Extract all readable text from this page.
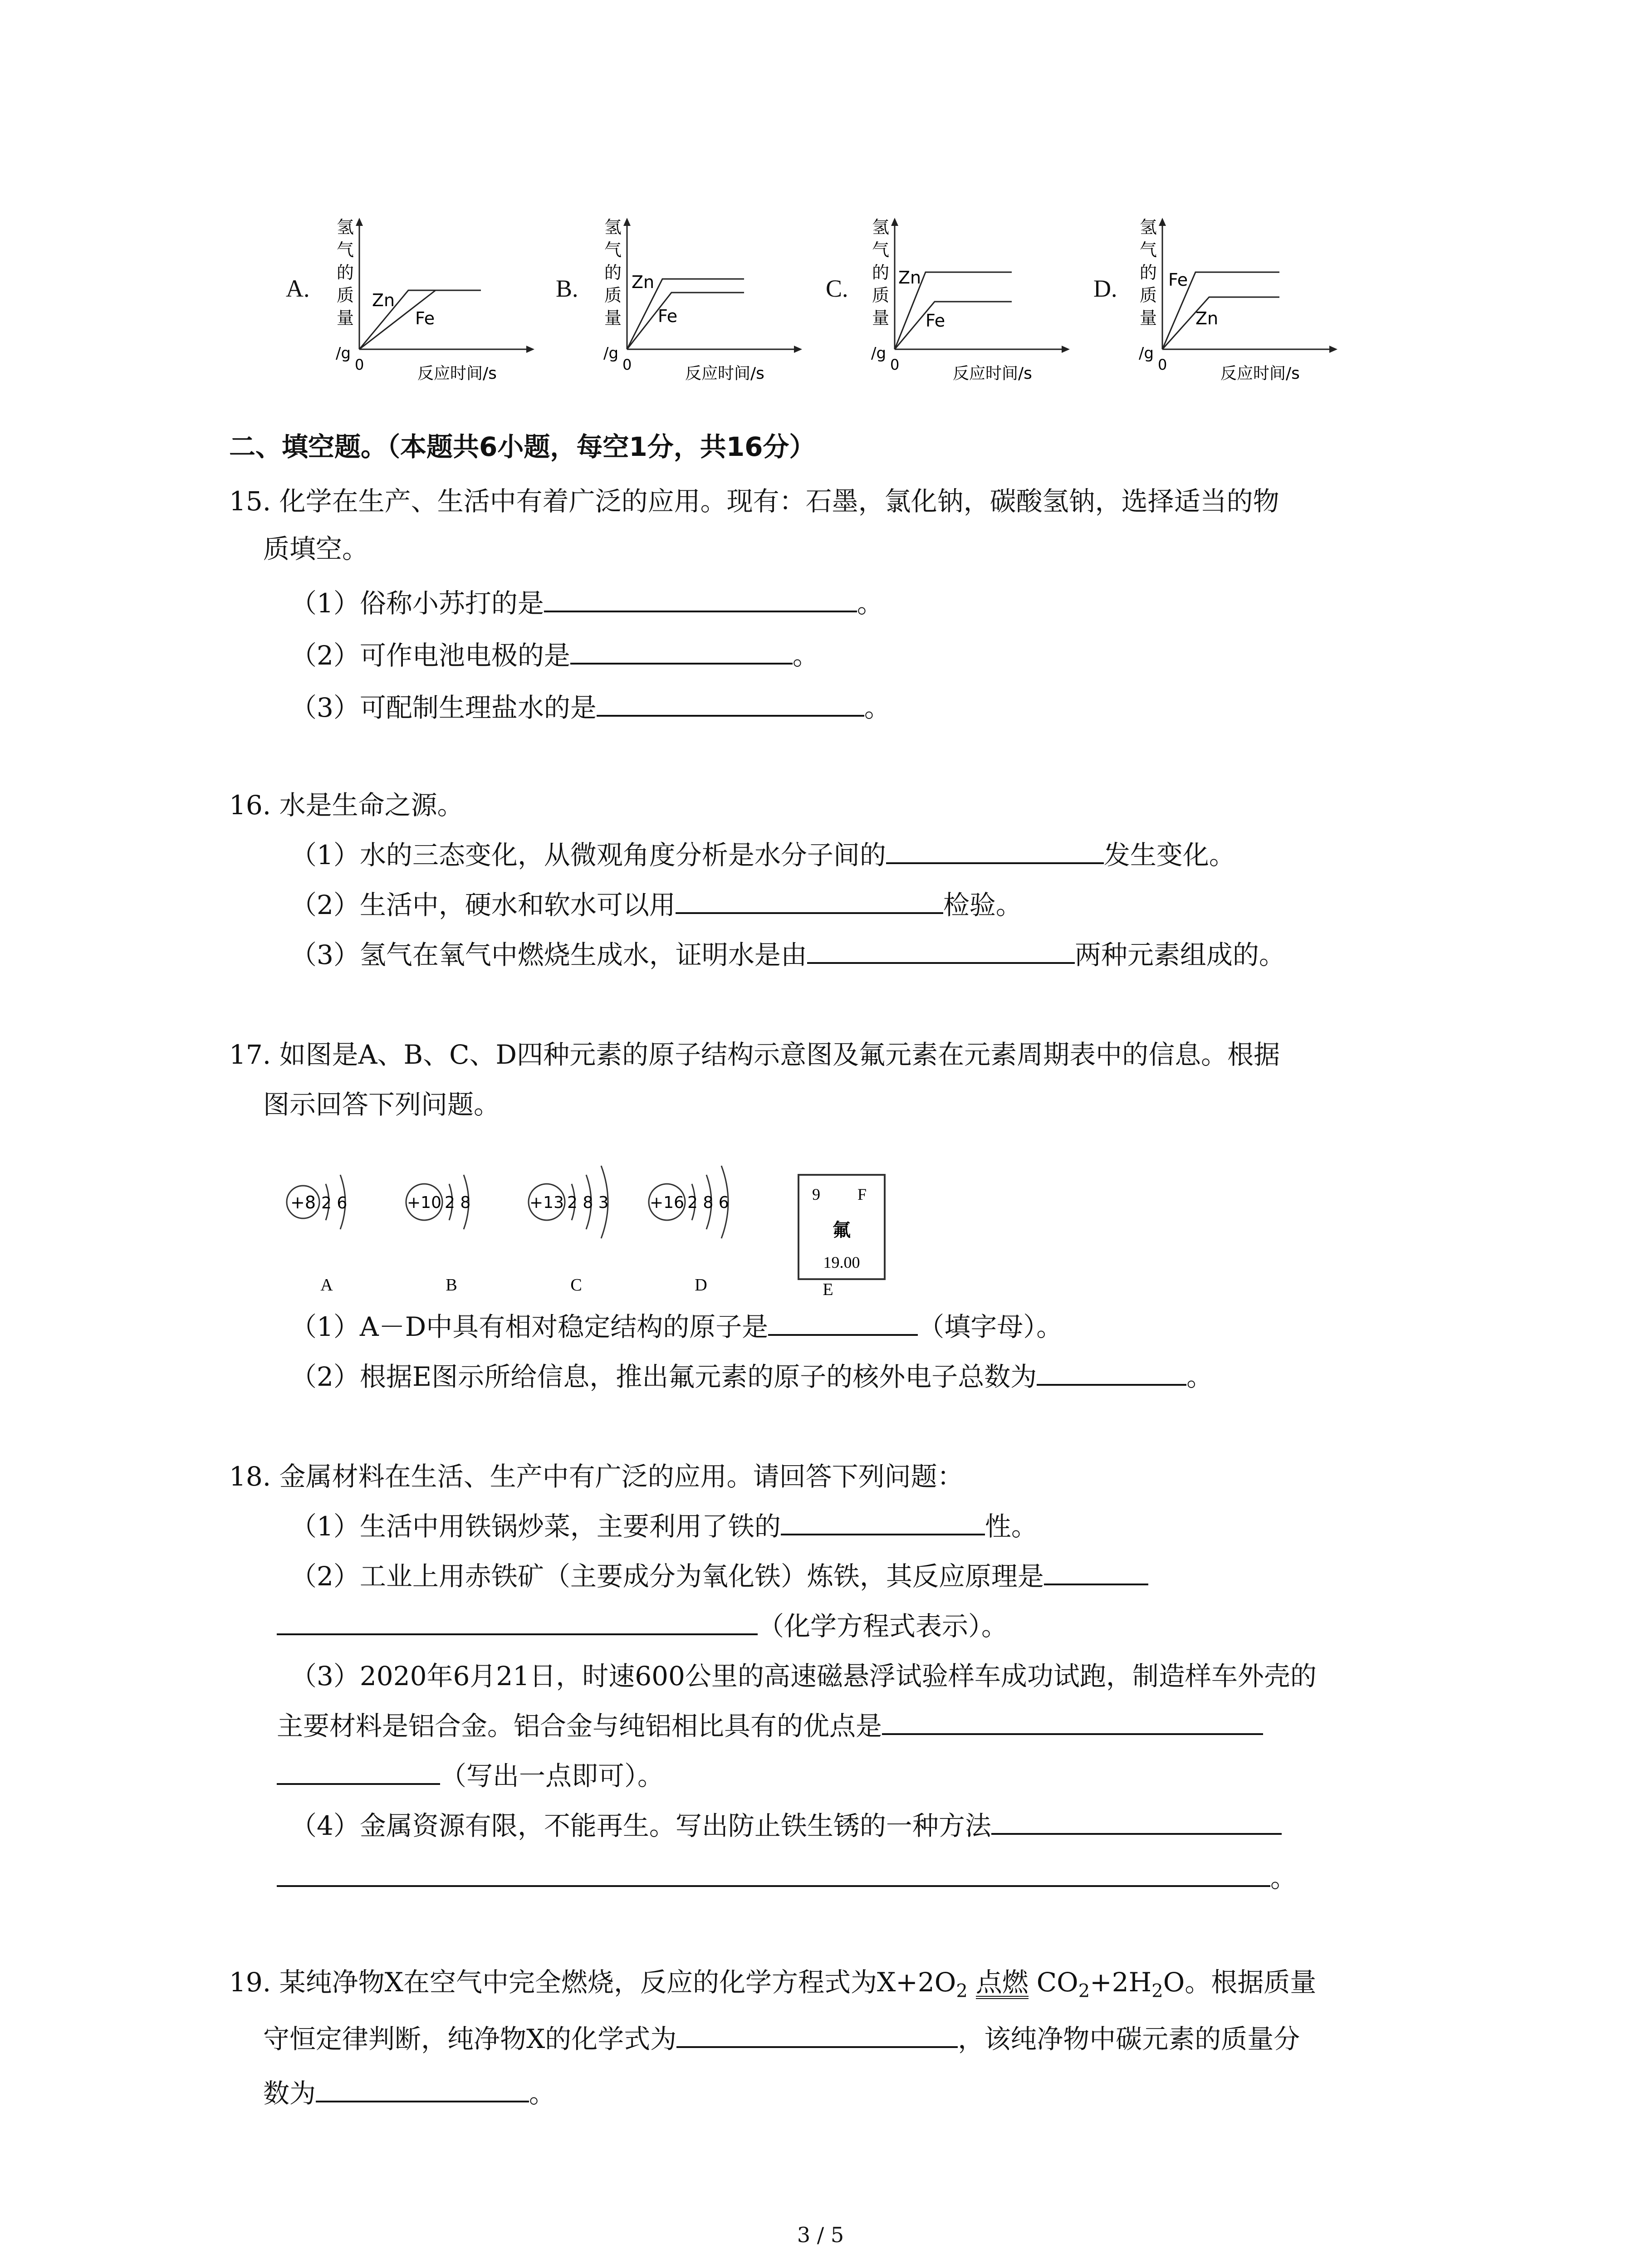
A.
氢
气
的
质
量
Zn
Fe
/g
0	反应时间/s
B.
氢
气
的
质
量
Zn
Fe
/g
0	反应时间/s
C.
氢
气
的
质
量
Zn
Fe
/g
0	反应时间/s
D.
氢
气
的
质
量
Fe
Zn
/g
0	反应时间/s
二、填空题。（本题共6小题，每空1分，共16分）
15. 化学在生产、生活中有着广泛的应用。现有：石墨，氯化钠，碳酸氢钠，选择适当的物
质填空。
（1）俗称小苏打的是	。
（2）可作电池电极的是	。
（3）可配制生理盐水的是	。
16. 水是生命之源。
（1）水的三态变化，从微观角度分析是水分子间的	发生变化。
（2）生活中，硬水和软水可以用	检验。
（3）氢气在氧气中燃烧生成水，证明水是由	两种元素组成的。
17. 如图是A、B、C、D四种元素的原子结构示意图及氟元素在元素周期表中的信息。根据
图示回答下列问题。
+8 2 6
A
+10 2 8
B
+13 2 8 3
C
+16 2 8 6
D
9 F
氟
19.00
E
（1）A－D中具有相对稳定结构的原子是	（填字母）。
（2）根据E图示所给信息，推出氟元素的原子的核外电子总数为	。
18. 金属材料在生活、生产中有广泛的应用。请回答下列问题：
（1）生活中用铁锅炒菜，主要利用了铁的	性。
（2）工业上用赤铁矿（主要成分为氧化铁）炼铁，其反应原理是
（化学方程式表示）。
（3）2020年6月21日，时速600公里的高速磁悬浮试验样车成功试跑，制造样车外壳的
主要材料是铝合金。铝合金与纯铝相比具有的优点是
（写出一点即可）。
（4）金属资源有限，不能再生。写出防止铁生锈的一种方法
。
19. 某纯净物X在空气中完全燃烧，反应的化学方程式为$X+2O_2$ 点燃 $CO_2+2H_2O$。根据质量
守恒定律判断，纯净物X的化学式为	，该纯净物中碳元素的质量分
数为	。
3 / 5
